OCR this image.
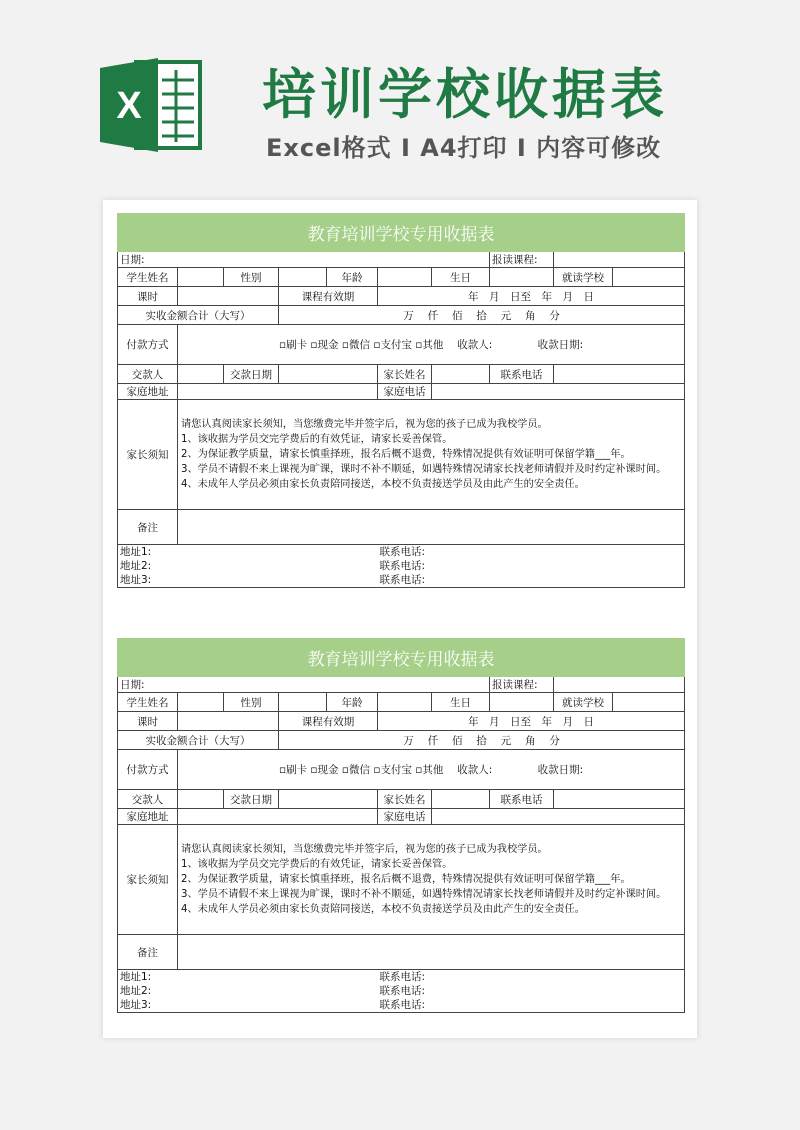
X 培训学校收据表
Excel格式 I A4打印 I 内容可修改
教育培训学校专用收据表									
日期:							报读课程:		
学生姓名		性别		年龄		生日		就读学校	
课时			课程有效期		年　月　日至　年　月　日				
实收金额合计（大写）			万　 仟　 佰　 拾　 元　 角　 分						
付款方式	▫刷卡 ▫现金 ▫微信 ▫支付宝 ▫其他　 收款人:　　　　 收款日期:								
交款人		交款日期			家长姓名		联系电话		
家庭地址					家庭电话				
家长须知	请您认真阅读家长须知，当您缴费完毕并签字后，视为您的孩子已成为我校学员。
1、该收据为学员交完学费后的有效凭证，请家长妥善保管。
2、为保证教学质量，请家长慎重择班，报名后概不退费，特殊情况提供有效证明可保留学籍___年。
3、学员不请假不来上课视为旷课，课时不补不顺延，如遇特殊情况请家长找老师请假并及时约定补课时间。
4、未成年人学员必须由家长负责陪同接送，本校不负责接送学员及由此产生的安全责任。								

备注									
地址1:					联系电话:				
地址2:					联系电话:				
地址3:					联系电话:				
教育培训学校专用收据表									
日期:							报读课程:		
学生姓名		性别		年龄		生日		就读学校	
课时			课程有效期		年　月　日至　年　月　日				
实收金额合计（大写）			万　 仟　 佰　 拾　 元　 角　 分						
付款方式	▫刷卡 ▫现金 ▫微信 ▫支付宝 ▫其他　 收款人:　　　　 收款日期:								
交款人		交款日期			家长姓名		联系电话		
家庭地址					家庭电话				
家长须知	请您认真阅读家长须知，当您缴费完毕并签字后，视为您的孩子已成为我校学员。
1、该收据为学员交完学费后的有效凭证，请家长妥善保管。
2、为保证教学质量，请家长慎重择班，报名后概不退费，特殊情况提供有效证明可保留学籍___年。
3、学员不请假不来上课视为旷课，课时不补不顺延，如遇特殊情况请家长找老师请假并及时约定补课时间。
4、未成年人学员必须由家长负责陪同接送，本校不负责接送学员及由此产生的安全责任。								

备注									
地址1:					联系电话:				
地址2:					联系电话:				
地址3:					联系电话:				
